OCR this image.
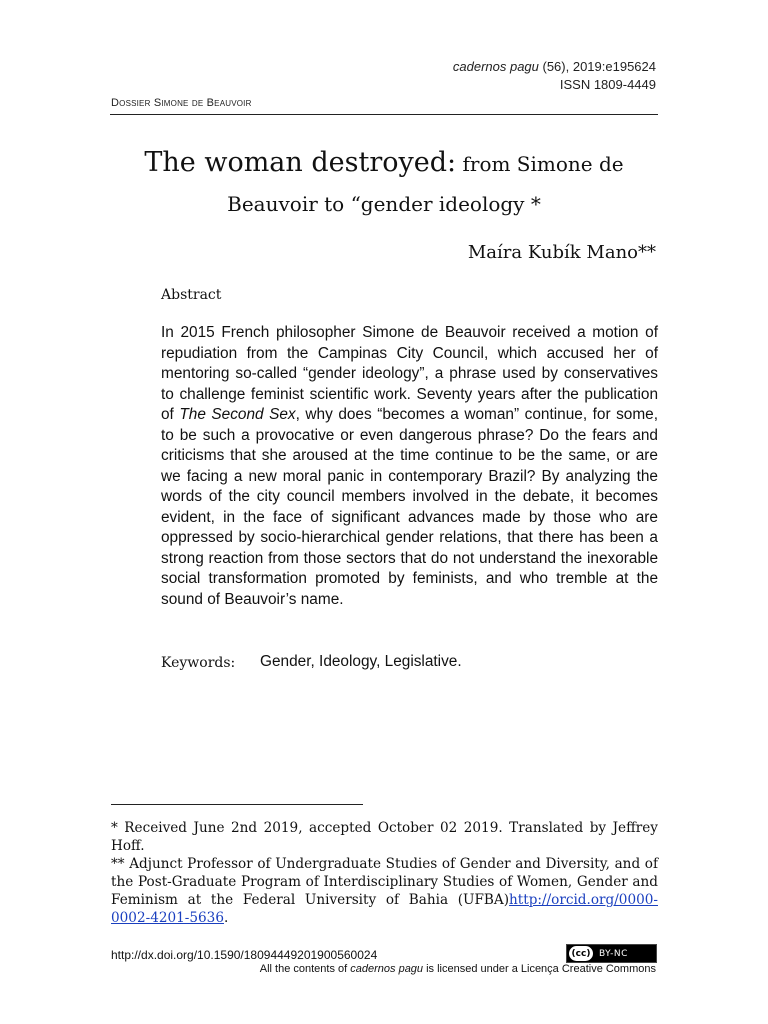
cadernos pagu (56), 2019:e195624
ISSN 1809-4449
Dossier Simone de Beauvoir
The woman destroyed: from Simone de
Beauvoir to “gender ideology *
Maíra Kubík Mano**
Abstract
In 2015 French philosopher Simone de Beauvoir received a motion of repudiation from the Campinas City Council, which accused her of mentoring so-called “gender ideology”, a phrase used by conservatives to challenge feminist scientific work. Seventy years after the publication of The Second Sex, why does “becomes a woman” continue, for some, to be such a provocative or even dangerous phrase? Do the fears and criticisms that she aroused at the time continue to be the same, or are we facing a new moral panic in contemporary Brazil? By analyzing the words of the city council members involved in the debate, it becomes evident, in the face of significant advances made by those who are oppressed by socio-hierarchical gender relations, that there has been a strong reaction from those sectors that do not understand the inexorable social transformation promoted by feminists, and who tremble at the sound of Beauvoir’s name.
Keywords: Gender, Ideology, Legislative.
* Received June 2nd 2019, accepted October 02 2019. Translated by Jeffrey Hoff.
** Adjunct Professor of Undergraduate Studies of Gender and Diversity, and of the Post-Graduate Program of Interdisciplinary Studies of Women, Gender and Feminism at the Federal University of Bahia (UFBA)http://orcid.org/0000-0002-4201-5636.
http://dx.doi.org/10.1590/18094449201900560024	(cc) BY-NC
All the contents of cadernos pagu is licensed under a Licença Creative Commons
